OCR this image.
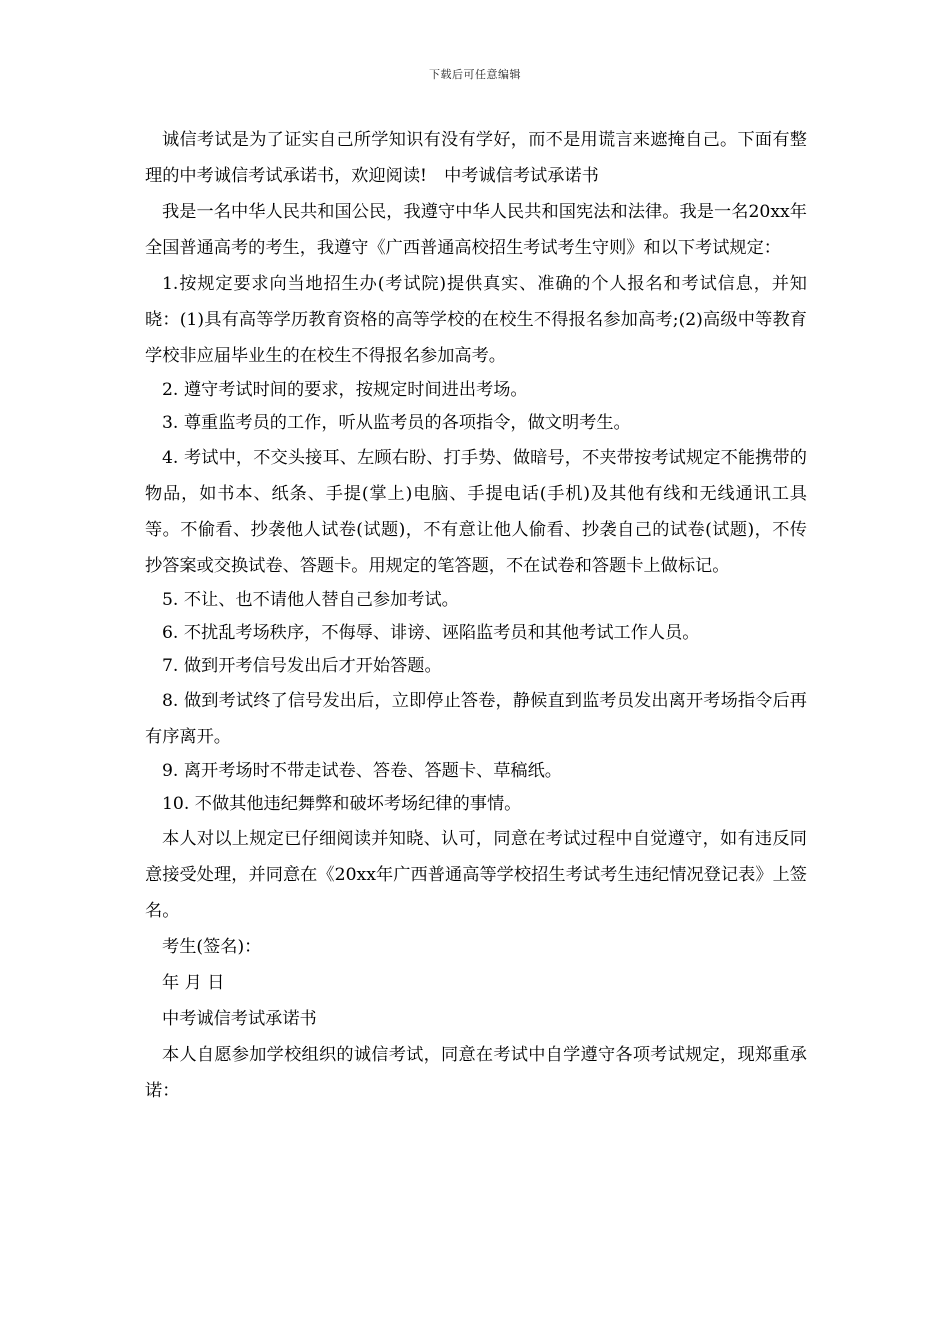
下载后可任意编辑

诚信考试是为了证实自己所学知识有没有学好，而不是用谎言来遮掩自己。下面有整理的中考诚信考试承诺书，欢迎阅读!　中考诚信考试承诺书

我是一名中华人民共和国公民，我遵守中华人民共和国宪法和法律。我是一名20xx年全国普通高考的考生，我遵守《广西普通高校招生考试考生守则》和以下考试规定：

1.按规定要求向当地招生办(考试院)提供真实、准确的个人报名和考试信息，并知晓：(1)具有高等学历教育资格的高等学校的在校生不得报名参加高考;(2)高级中等教育学校非应届毕业生的在校生不得报名参加高考。

2. 遵守考试时间的要求，按规定时间进出考场。

3. 尊重监考员的工作，听从监考员的各项指令，做文明考生。

4. 考试中，不交头接耳、左顾右盼、打手势、做暗号，不夹带按考试规定不能携带的物品，如书本、纸条、手提(掌上)电脑、手提电话(手机)及其他有线和无线通讯工具等。不偷看、抄袭他人试卷(试题)，不有意让他人偷看、抄袭自己的试卷(试题)，不传抄答案或交换试卷、答题卡。用规定的笔答题，不在试卷和答题卡上做标记。

5. 不让、也不请他人替自己参加考试。

6. 不扰乱考场秩序，不侮辱、诽谤、诬陷监考员和其他考试工作人员。

7. 做到开考信号发出后才开始答题。

8. 做到考试终了信号发出后，立即停止答卷，静候直到监考员发出离开考场指令后再有序离开。

9. 离开考场时不带走试卷、答卷、答题卡、草稿纸。

10. 不做其他违纪舞弊和破坏考场纪律的事情。

本人对以上规定已仔细阅读并知晓、认可，同意在考试过程中自觉遵守，如有违反同意接受处理，并同意在《20xx年广西普通高等学校招生考试考生违纪情况登记表》上签名。

考生(签名)：

年 月 日

中考诚信考试承诺书

本人自愿参加学校组织的诚信考试，同意在考试中自学遵守各项考试规定，现郑重承诺：
